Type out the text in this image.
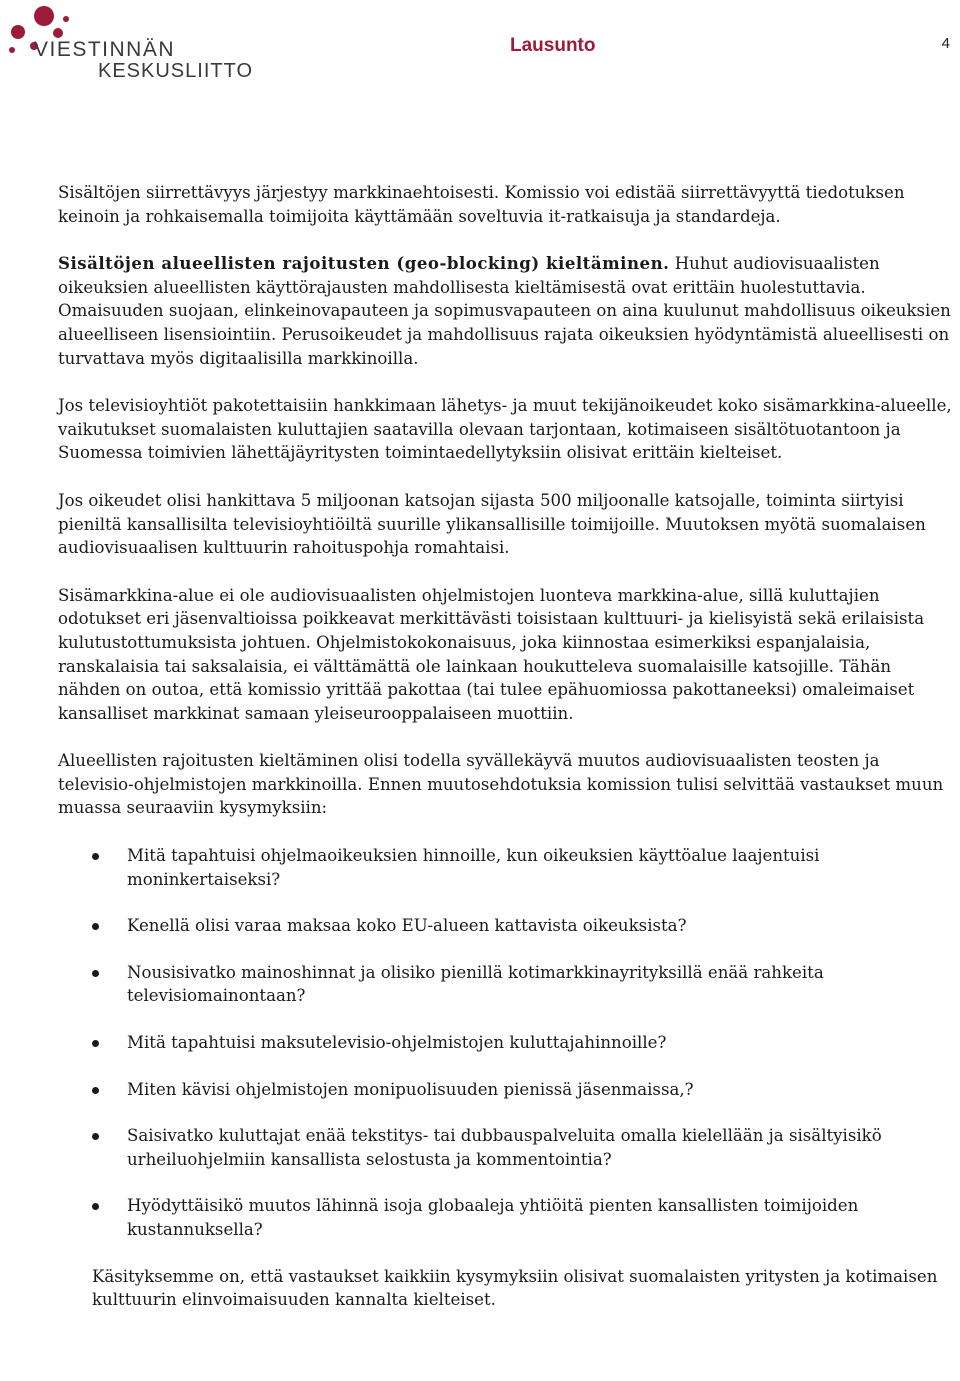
VIESTINNÄN
KESKUSLIITTO
Lausunto	4

Sisältöjen siirrettävyys järjestyy markkinaehtoisesti. Komissio voi edistää siirrettävyyttä tiedotuksen keinoin ja rohkaisemalla toimijoita käyttämään soveltuvia it-ratkaisuja ja standardeja.

Sisältöjen alueellisten rajoitusten (geo-blocking) kieltäminen. Huhut audiovisuaalisten oikeuksien alueellisten käyttörajausten mahdollisesta kieltämisestä ovat erittäin huolestuttavia. Omaisuuden suojaan, elinkeinovapauteen ja sopimusvapauteen on aina kuulunut mahdollisuus oikeuksien alueelliseen lisensiointiin. Perusoikeudet ja mahdollisuus rajata oikeuksien hyödyntämistä alueellisesti on turvattava myös digitaalisilla markkinoilla.

Jos televisioyhtiöt pakotettaisiin hankkimaan lähetys- ja muut tekijänoikeudet koko sisämarkkina-alueelle, vaikutukset suomalaisten kuluttajien saatavilla olevaan tarjontaan, kotimaiseen sisältötuotantoon ja Suomessa toimivien lähettäjäyritysten toimintaedellytyksiin olisivat erittäin kielteiset.

Jos oikeudet olisi hankittava 5 miljoonan katsojan sijasta 500 miljoonalle katsojalle, toiminta siirtyisi pieniltä kansallisilta televisioyhtiöiltä suurille ylikansallisille toimijoille. Muutoksen myötä suomalaisen audiovisuaalisen kulttuurin rahoituspohja romahtaisi.

Sisämarkkina-alue ei ole audiovisuaalisten ohjelmistojen luonteva markkina-alue, sillä kuluttajien odotukset eri jäsenvaltioissa poikkeavat merkittävästi toisistaan kulttuuri- ja kielisyistä sekä erilaisista kulutustottumuksista johtuen. Ohjelmistokokonaisuus, joka kiinnostaa esimerkiksi espanjalaisia, ranskalaisia tai saksalaisia, ei välttämättä ole lainkaan houkutteleva suomalaisille katsojille. Tähän nähden on outoa, että komissio yrittää pakottaa (tai tulee epähuomiossa pakottaneeksi) omaleimaiset kansalliset markkinat samaan yleiseurooppalaiseen muottiin.

Alueellisten rajoitusten kieltäminen olisi todella syvällekäyvä muutos audiovisuaalisten teosten ja televisio-ohjelmistojen markkinoilla. Ennen muutosehdotuksia komission tulisi selvittää vastaukset muun muassa seuraaviin kysymyksiin:

Mitä tapahtuisi ohjelmaoikeuksien hinnoille, kun oikeuksien käyttöalue laajentuisi moninkertaiseksi?
Kenellä olisi varaa maksaa koko EU-alueen kattavista oikeuksista?
Nousisivatko mainoshinnat ja olisiko pienillä kotimarkkinayrityksillä enää rahkeita televisiomainontaan?
Mitä tapahtuisi maksutelevisio-ohjelmistojen kuluttajahinnoille?
Miten kävisi ohjelmistojen monipuolisuuden pienissä jäsenmaissa,?
Saisivatko kuluttajat enää tekstitys- tai dubbauspalveluita omalla kielellään ja sisältyisikö urheiluohjelmiin kansallista selostusta ja kommentointia?
Hyödyttäisikö muutos lähinnä isoja globaaleja yhtiöitä pienten kansallisten toimijoiden kustannuksella?

Käsityksemme on, että vastaukset kaikkiin kysymyksiin olisivat suomalaisten yritysten ja kotimaisen kulttuurin elinvoimaisuuden kannalta kielteiset.
